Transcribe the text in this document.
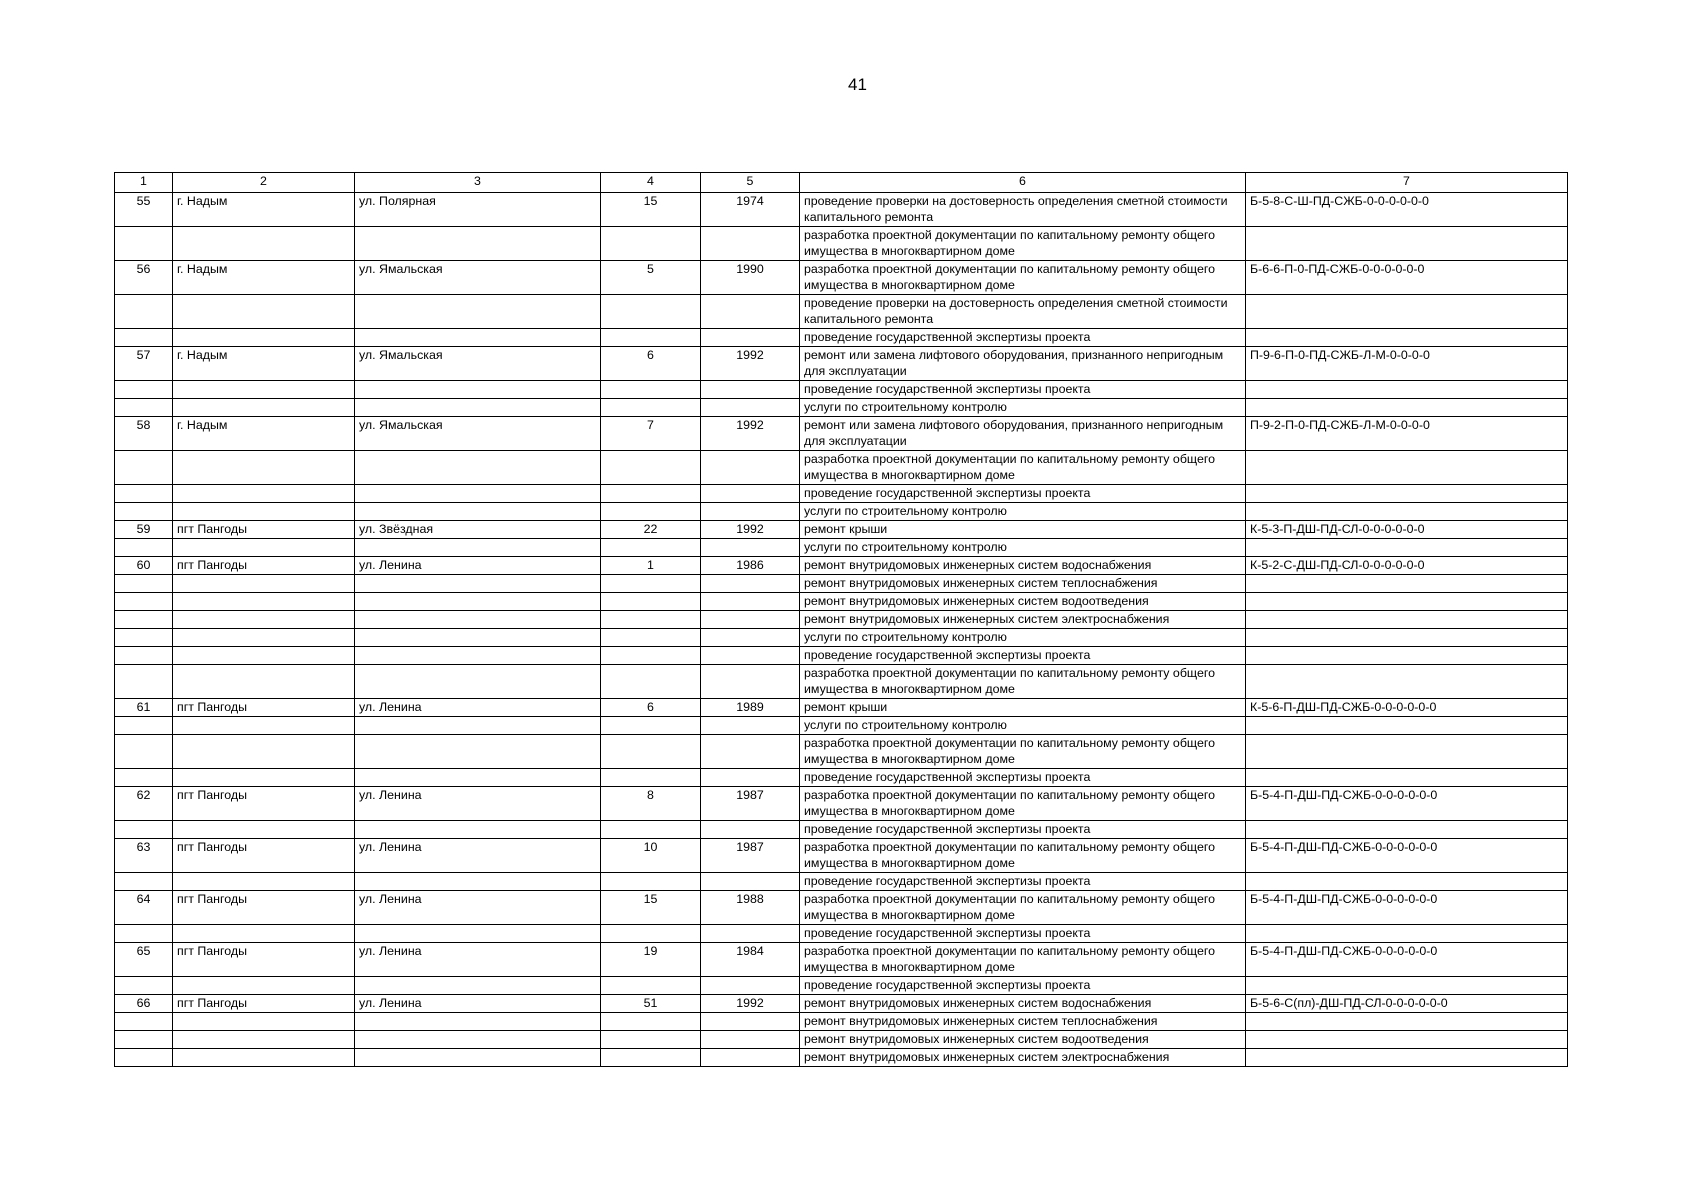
41
1	2	3	4	5	6	7
55	г. Надым	ул. Полярная	15	1974	проведение проверки на достоверность определения сметной стоимости капитального ремонта	Б-5-8-С-Ш-ПД-СЖБ-0-0-0-0-0-0
					разработка проектной документации по капитальному ремонту общего имущества в многоквартирном доме	
56	г. Надым	ул. Ямальская	5	1990	разработка проектной документации по капитальному ремонту общего имущества в многоквартирном доме	Б-6-6-П-0-ПД-СЖБ-0-0-0-0-0-0
					проведение проверки на достоверность определения сметной стоимости капитального ремонта	
					проведение государственной экспертизы проекта	
57	г. Надым	ул. Ямальская	6	1992	ремонт или замена лифтового оборудования, признанного непригодным для эксплуатации	П-9-6-П-0-ПД-СЖБ-Л-М-0-0-0-0
					проведение государственной экспертизы проекта	
					услуги по строительному контролю	
58	г. Надым	ул. Ямальская	7	1992	ремонт или замена лифтового оборудования, признанного непригодным для эксплуатации	П-9-2-П-0-ПД-СЖБ-Л-М-0-0-0-0
					разработка проектной документации по капитальному ремонту общего имущества в многоквартирном доме	
					проведение государственной экспертизы проекта	
					услуги по строительному контролю	
59	пгт Пангоды	ул. Звёздная	22	1992	ремонт крыши	К-5-3-П-ДШ-ПД-СЛ-0-0-0-0-0-0
					услуги по строительному контролю	
60	пгт Пангоды	ул. Ленина	1	1986	ремонт внутридомовых инженерных систем водоснабжения	К-5-2-С-ДШ-ПД-СЛ-0-0-0-0-0-0
					ремонт внутридомовых инженерных систем теплоснабжения	
					ремонт внутридомовых инженерных систем водоотведения	
					ремонт внутридомовых инженерных систем электроснабжения	
					услуги по строительному контролю	
					проведение государственной экспертизы проекта	
					разработка проектной документации по капитальному ремонту общего имущества в многоквартирном доме	
61	пгт Пангоды	ул. Ленина	6	1989	ремонт крыши	К-5-6-П-ДШ-ПД-СЖБ-0-0-0-0-0-0
					услуги по строительному контролю	
					разработка проектной документации по капитальному ремонту общего имущества в многоквартирном доме	
					проведение государственной экспертизы проекта	
62	пгт Пангоды	ул. Ленина	8	1987	разработка проектной документации по капитальному ремонту общего имущества в многоквартирном доме	Б-5-4-П-ДШ-ПД-СЖБ-0-0-0-0-0-0
					проведение государственной экспертизы проекта	
63	пгт Пангоды	ул. Ленина	10	1987	разработка проектной документации по капитальному ремонту общего имущества в многоквартирном доме	Б-5-4-П-ДШ-ПД-СЖБ-0-0-0-0-0-0
					проведение государственной экспертизы проекта	
64	пгт Пангоды	ул. Ленина	15	1988	разработка проектной документации по капитальному ремонту общего имущества в многоквартирном доме	Б-5-4-П-ДШ-ПД-СЖБ-0-0-0-0-0-0
					проведение государственной экспертизы проекта	
65	пгт Пангоды	ул. Ленина	19	1984	разработка проектной документации по капитальному ремонту общего имущества в многоквартирном доме	Б-5-4-П-ДШ-ПД-СЖБ-0-0-0-0-0-0
					проведение государственной экспертизы проекта	
66	пгт Пангоды	ул. Ленина	51	1992	ремонт внутридомовых инженерных систем водоснабжения	Б-5-6-С(пл)-ДШ-ПД-СЛ-0-0-0-0-0-0
					ремонт внутридомовых инженерных систем теплоснабжения	
					ремонт внутридомовых инженерных систем водоотведения	
					ремонт внутридомовых инженерных систем электроснабжения	
